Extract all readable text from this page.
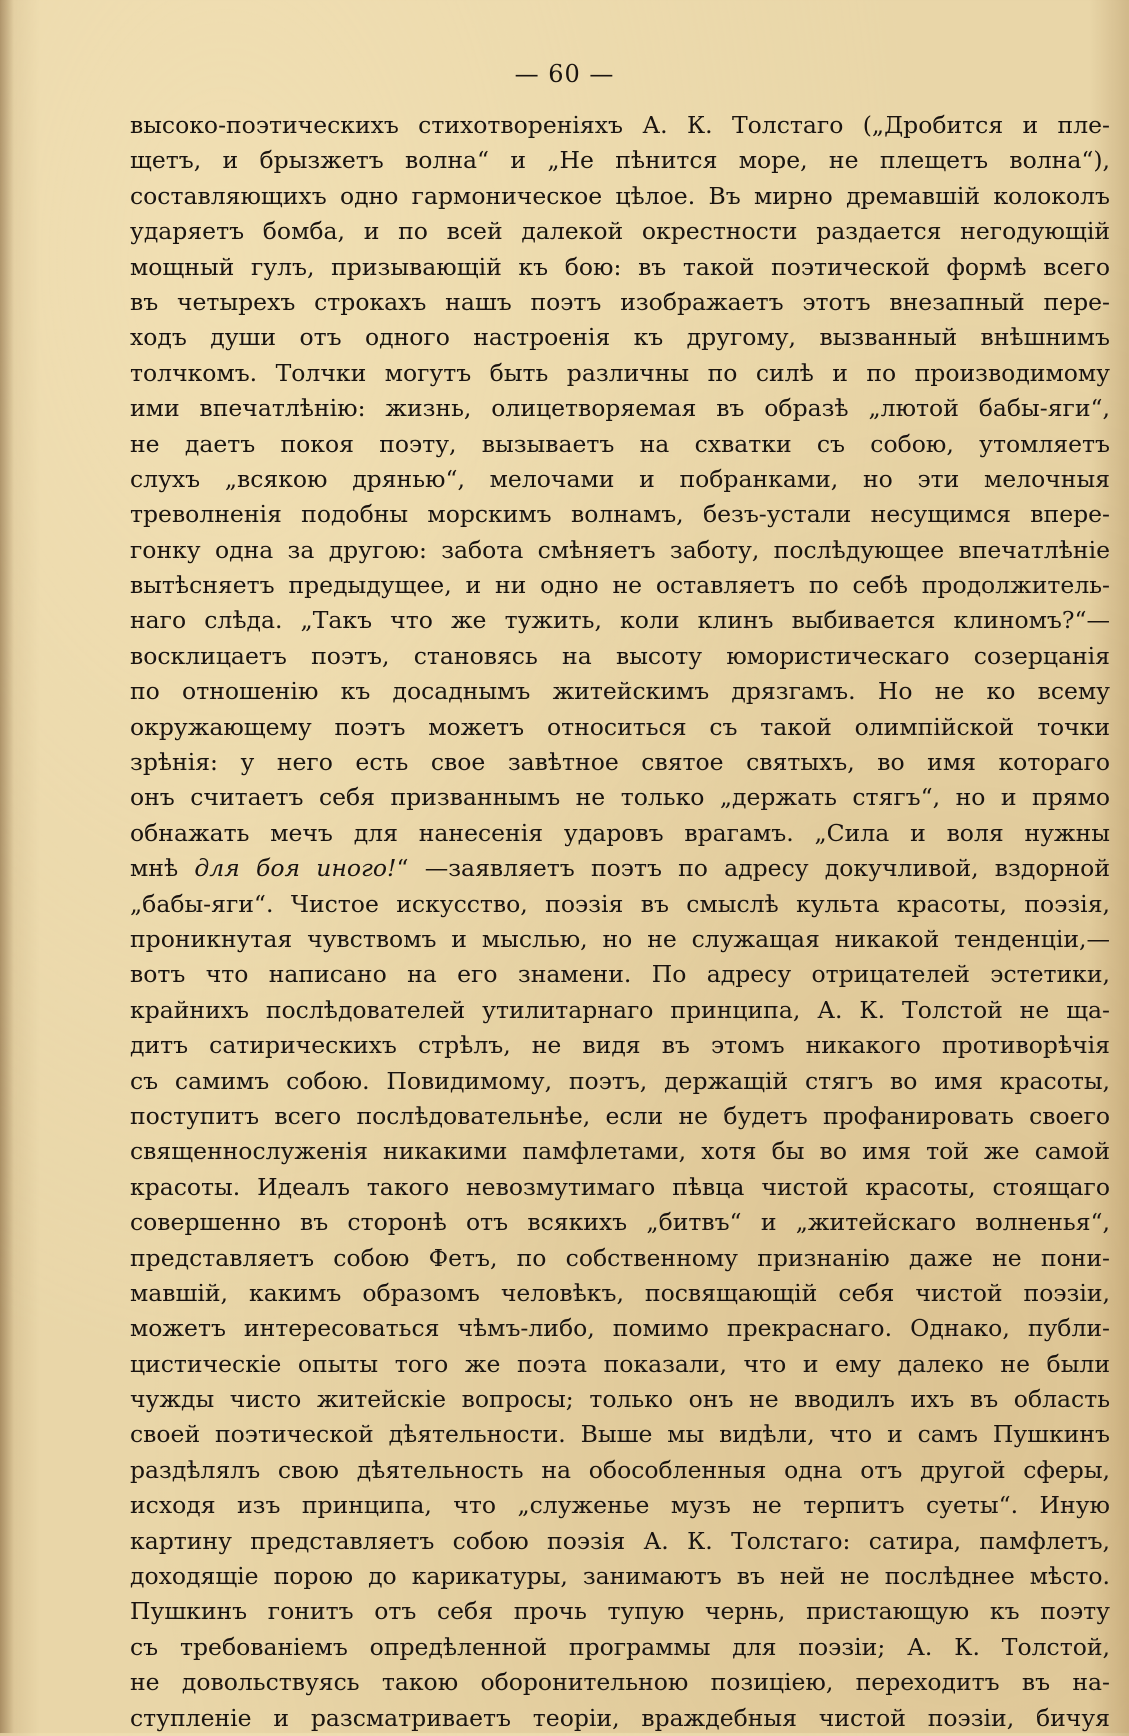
— 60 —
высоко-поэтическихъ стихотворенiяхъ А. К. Толстаго („Дробится и пле-
щетъ, и брызжетъ волна“ и „Не пѣнится море, не плещетъ волна“),
составляющихъ одно гармоническое цѣлое. Въ мирно дремавшiй колоколъ
ударяетъ бомба, и по всей далекой окрестности раздается негодующiй
мощный гулъ, призывающiй къ бою: въ такой поэтической формѣ всего
въ четырехъ строкахъ нашъ поэтъ изображаетъ этотъ внезапный пере-
ходъ души отъ одного настроенiя къ другому, вызванный внѣшнимъ
толчкомъ. Толчки могутъ быть различны по силѣ и по производимому
ими впечатлѣнiю: жизнь, олицетворяемая въ образѣ „лютой бабы-яги“,
не даетъ покоя поэту, вызываетъ на схватки съ собою, утомляетъ
слухъ „всякою дрянью“, мелочами и побранками, но эти мелочныя
треволненiя подобны морскимъ волнамъ, безъ-устали несущимся впере-
гонку одна за другою: забота смѣняетъ заботу, послѣдующее впечатлѣнiе
вытѣсняетъ предыдущее, и ни одно не оставляетъ по себѣ продолжитель-
наго слѣда. „Такъ что же тужить, коли клинъ выбивается клиномъ?“—
восклицаетъ поэтъ, становясь на высоту юмористическаго созерцанiя
по отношенiю къ досаднымъ житейскимъ дрязгамъ. Но не ко всему
окружающему поэтъ можетъ относиться съ такой олимпiйской точки
зрѣнiя: у него есть свое завѣтное святое святыхъ, во имя котораго
онъ считаетъ себя призваннымъ не только „держать стягъ“, но и прямо
обнажать мечъ для нанесенiя ударовъ врагамъ. „Сила и воля нужны
мнѣ для боя иного!“ —заявляетъ поэтъ по адресу докучливой, вздорной
„бабы-яги“. Чистое искусство, поэзiя въ смыслѣ культа красоты, поэзiя,
проникнутая чувствомъ и мыслью, но не служащая никакой тенденцiи,—
вотъ что написано на его знамени. По адресу отрицателей эстетики,
крайнихъ послѣдователей утилитарнаго принципа, А. К. Толстой не ща-
дитъ сатирическихъ стрѣлъ, не видя въ этомъ никакого противорѣчiя
съ самимъ собою. Повидимому, поэтъ, держащiй стягъ во имя красоты,
поступитъ всего послѣдовательнѣе, если не будетъ профанировать своего
священнослуженiя никакими памфлетами, хотя бы во имя той же самой
красоты. Идеалъ такого невозмутимаго пѣвца чистой красоты, стоящаго
совершенно въ сторонѣ отъ всякихъ „битвъ“ и „житейскаго волненья“,
представляетъ собою Фетъ, по собственному признанiю даже не пони-
мавшiй, какимъ образомъ человѣкъ, посвящающiй себя чистой поэзiи,
можетъ интересоваться чѣмъ-либо, помимо прекраснаго. Однако, публи-
цистическiе опыты того же поэта показали, что и ему далеко не были
чужды чисто житейскiе вопросы; только онъ не вводилъ ихъ въ область
своей поэтической дѣятельности. Выше мы видѣли, что и самъ Пушкинъ
раздѣлялъ свою дѣятельность на обособленныя одна отъ другой сферы,
исходя изъ принципа, что „служенье музъ не терпитъ суеты“. Иную
картину представляетъ собою поэзiя А. К. Толстаго: сатира, памфлетъ,
доходящiе порою до карикатуры, занимаютъ въ ней не послѣднее мѣсто.
Пушкинъ гонитъ отъ себя прочь тупую чернь, пристающую къ поэту
съ требованiемъ опредѣленной программы для поэзiи; А. К. Толстой,
не довольствуясь такою оборонительною позицiею, переходитъ въ на-
ступленiе и разсматриваетъ теорiи, враждебныя чистой поэзiи, бичуя
